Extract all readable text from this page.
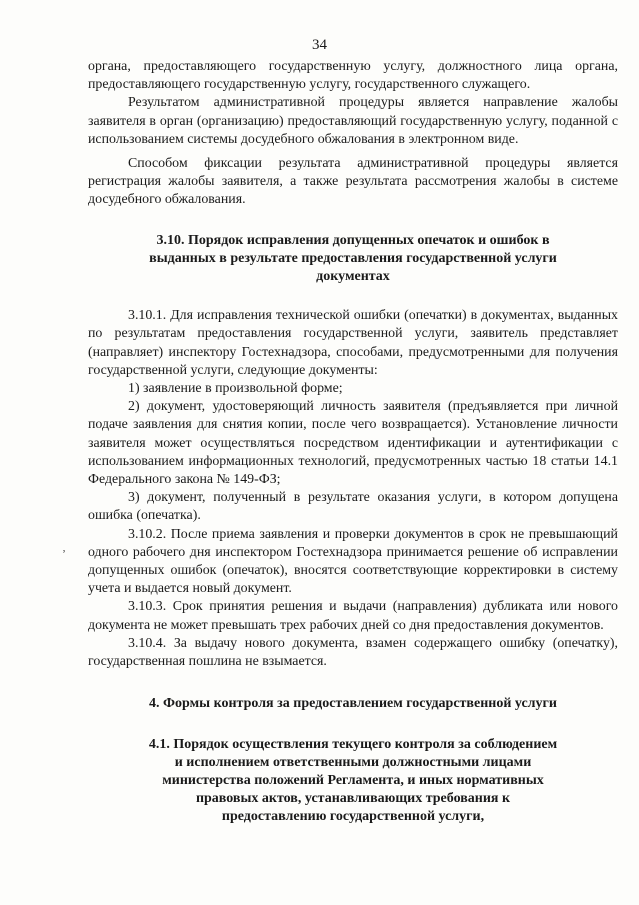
34

органа, предоставляющего государственную услугу, должностного лица органа, предоставляющего государственную услугу, государственного служащего.

Результатом административной процедуры является направление жалобы заявителя в орган (организацию) предоставляющий государственную услугу, поданной с использованием системы досудебного обжалования в электронном виде.

Способом фиксации результата административной процедуры является регистрация жалобы заявителя, а также результата рассмотрения жалобы в системе досудебного обжалования.

3.10. Порядок исправления допущенных опечаток и ошибок в выданных в результате предоставления государственной услуги документах

3.10.1. Для исправления технической ошибки (опечатки) в документах, выданных по результатам предоставления государственной услуги, заявитель представляет (направляет) инспектору Гостехнадзора, способами, предусмотренными для получения государственной услуги, следующие документы:

1) заявление в произвольной форме;

2) документ, удостоверяющий личность заявителя (предъявляется при личной подаче заявления для снятия копии, после чего возвращается). Установление личности заявителя может осуществляться посредством идентификации и аутентификации с использованием информационных технологий, предусмотренных частью 18 статьи 14.1 Федерального закона № 149-ФЗ;

3) документ, полученный в результате оказания услуги, в котором допущена ошибка (опечатка).

3.10.2. После приема заявления и проверки документов в срок не превышающий одного рабочего дня инспектором Гостехнадзора принимается решение об исправлении допущенных ошибок (опечаток), вносятся соответствующие корректировки в систему учета и выдается новый документ.

3.10.3. Срок принятия решения и выдачи (направления) дубликата или нового документа не может превышать трех рабочих дней со дня предоставления документов.

3.10.4. За выдачу нового документа, взамен содержащего ошибку (опечатку), государственная пошлина не взымается.

4. Формы контроля за предоставлением государственной услуги
4.1. Порядок осуществления текущего контроля за соблюдением и исполнением ответственными должностными лицами министерства положений Регламента, и иных нормативных правовых актов, устанавливающих требования к предоставлению государственной услуги,
‚
